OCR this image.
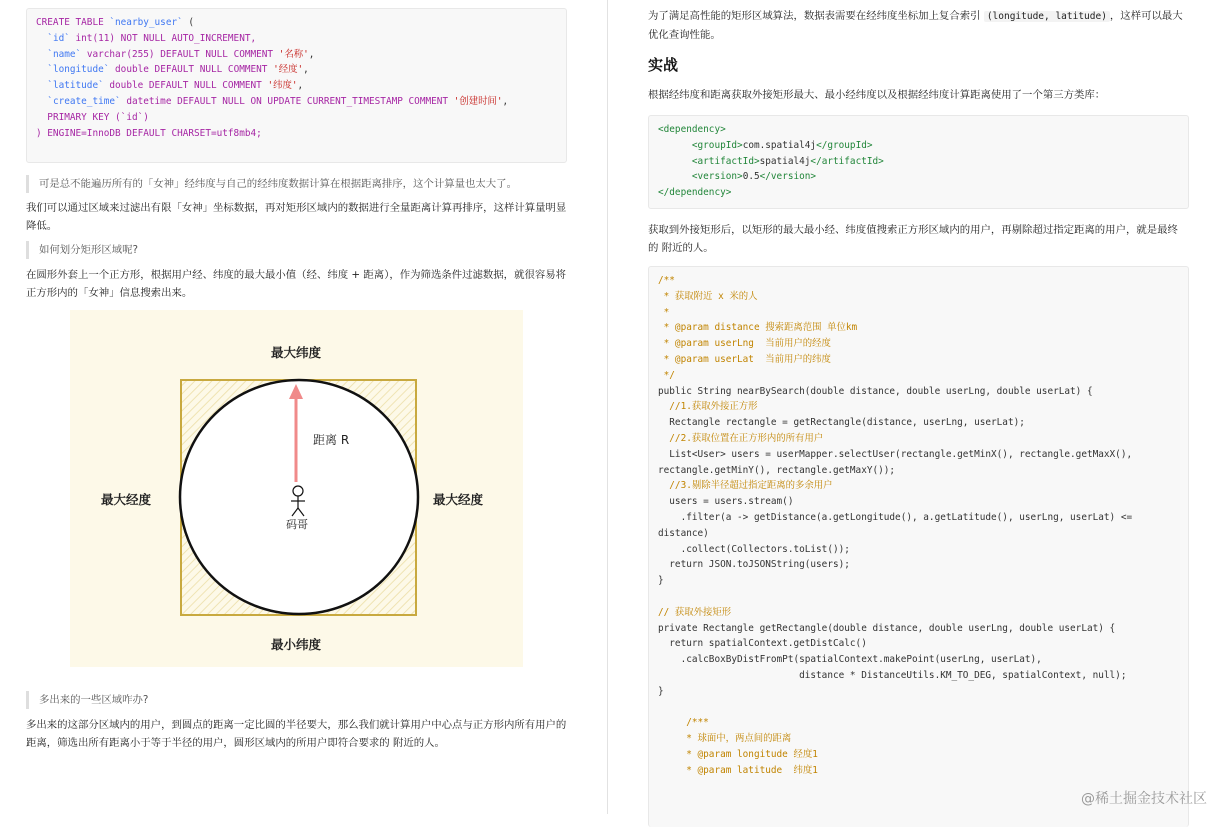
CREATE TABLE `nearby_user` (
`id` int(11) NOT NULL AUTO_INCREMENT,
`name` varchar(255) DEFAULT NULL COMMENT '名称',
`longitude` double DEFAULT NULL COMMENT '经度',
`latitude` double DEFAULT NULL COMMENT '纬度',
`create_time` datetime DEFAULT NULL ON UPDATE CURRENT_TIMESTAMP COMMENT '创建时间',
PRIMARY KEY (`id`)
) ENGINE=InnoDB DEFAULT CHARSET=utf8mb4;
可是总不能遍历所有的「女神」经纬度与自己的经纬度数据计算在根据距离排序，这个计算量也太大了。

我们可以通过区域来过滤出有限「女神」坐标数据，再对矩形区域内的数据进行全量距离计算再排序，这样计算量明显降低。

如何划分矩形区域呢?

在圆形外套上一个正方形，根据用户经、纬度的最大最小值（经、纬度 + 距离），作为筛选条件过滤数据，就很容易将正方形内的「女神」信息搜索出来。

最大纬度
最小纬度
最大经度	最大经度
距离 R
码哥
多出来的一些区域咋办?

多出来的这部分区域内的用户，到圆点的距离一定比圆的半径要大，那么我们就计算用户中心点与正方形内所有用户的距离，筛选出所有距离小于等于半径的用户，圆形区域内的所用户即符合要求的 附近的人。

为了满足高性能的矩形区域算法，数据表需要在经纬度坐标加上复合索引 (longitude, latitude) ，这样可以最大优化查询性能。

实战

根据经纬度和距离获取外接矩形最大、最小经纬度以及根据经纬度计算距离使用了一个第三方类库：

<dependency>
<groupId>com.spatial4j</groupId>
<artifactId>spatial4j</artifactId>
<version>0.5</version>
</dependency>

获取到外接矩形后，以矩形的最大最小经、纬度值搜索正方形区域内的用户，再剔除超过指定距离的用户，就是最终的 附近的人。

/**
* 获取附近 x 米的人
*
* @param distance 搜索距离范围 单位km
* @param userLng  当前用户的经度
* @param userLat  当前用户的纬度
*/
public String nearBySearch(double distance, double userLng, double userLat) {
//1.获取外接正方形
Rectangle rectangle = getRectangle(distance, userLng, userLat);
//2.获取位置在正方形内的所有用户
List<User> users = userMapper.selectUser(rectangle.getMinX(), rectangle.getMaxX(),
rectangle.getMinY(), rectangle.getMaxY());
//3.剔除半径超过指定距离的多余用户
users = users.stream()
.filter(a -> getDistance(a.getLongitude(), a.getLatitude(), userLng, userLat) <=
distance)
.collect(Collectors.toList());
return JSON.toJSONString(users);
}

// 获取外接矩形
private Rectangle getRectangle(double distance, double userLng, double userLat) {
return spatialContext.getDistCalc()
.calcBoxByDistFromPt(spatialContext.makePoint(userLng, userLat),
distance * DistanceUtils.KM_TO_DEG, spatialContext, null);
}

/***
* 球面中，两点间的距离
* @param longitude 经度1
* @param latitude  纬度1
@稀土掘金技术社区
